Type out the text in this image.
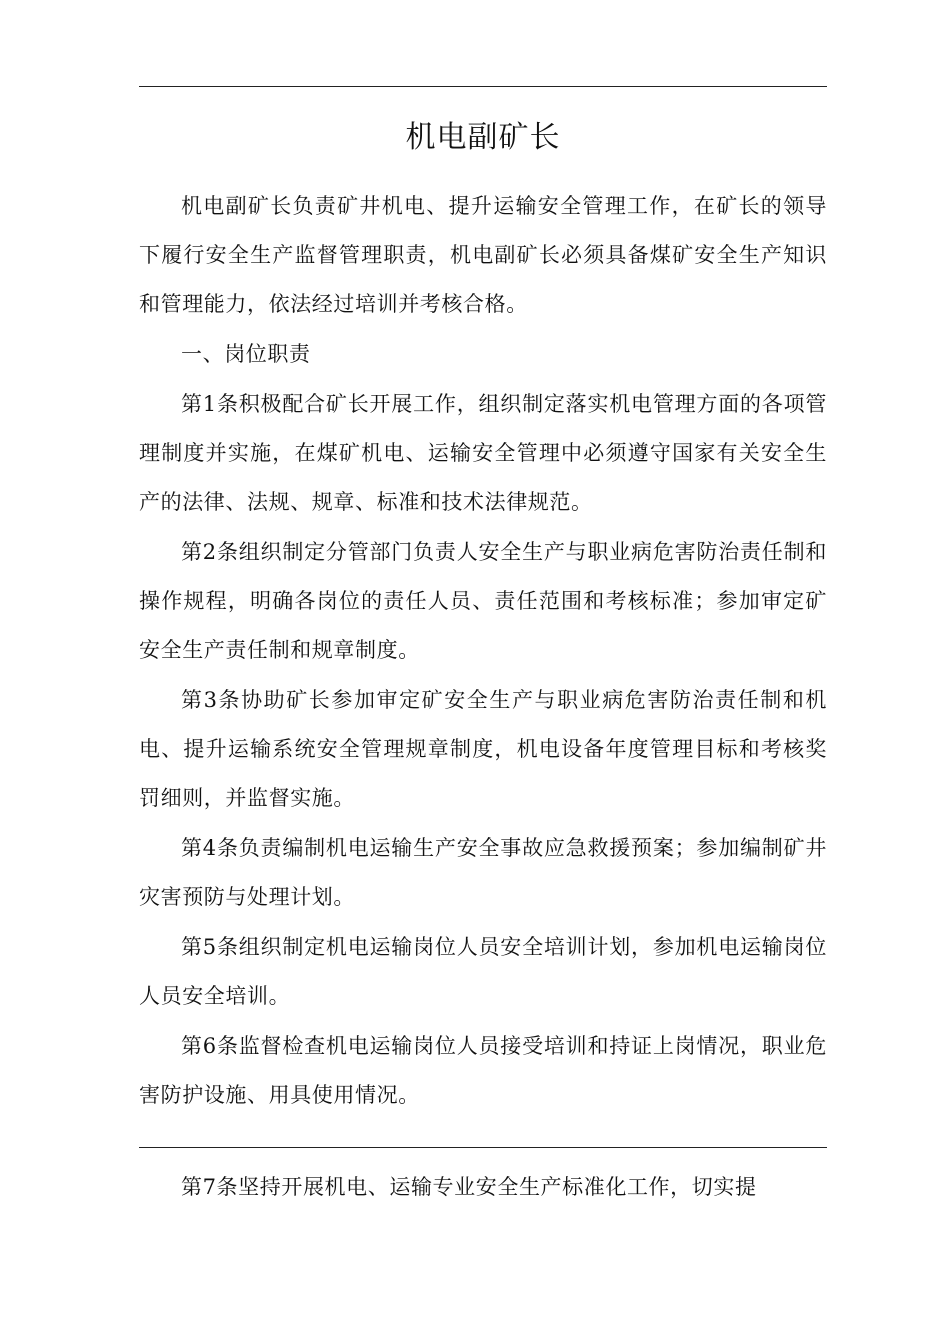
机电副矿长

机电副矿长负责矿井机电、提升运输安全管理工作，在矿长的领导下履行安全生产监督管理职责，机电副矿长必须具备煤矿安全生产知识和管理能力，依法经过培训并考核合格。

一、岗位职责

第1条积极配合矿长开展工作，组织制定落实机电管理方面的各项管理制度并实施，在煤矿机电、运输安全管理中必须遵守国家有关安全生产的法律、法规、规章、标准和技术法律规范。

第2条组织制定分管部门负责人安全生产与职业病危害防治责任制和操作规程，明确各岗位的责任人员、责任范围和考核标准；参加审定矿安全生产责任制和规章制度。

第3条协助矿长参加审定矿安全生产与职业病危害防治责任制和机电、提升运输系统安全管理规章制度，机电设备年度管理目标和考核奖罚细则，并监督实施。

第4条负责编制机电运输生产安全事故应急救援预案；参加编制矿井灾害预防与处理计划。

第5条组织制定机电运输岗位人员安全培训计划，参加机电运输岗位人员安全培训。

第6条监督检查机电运输岗位人员接受培训和持证上岗情况，职业危害防护设施、用具使用情况。

第7条坚持开展机电、运输专业安全生产标准化工作，切实提
